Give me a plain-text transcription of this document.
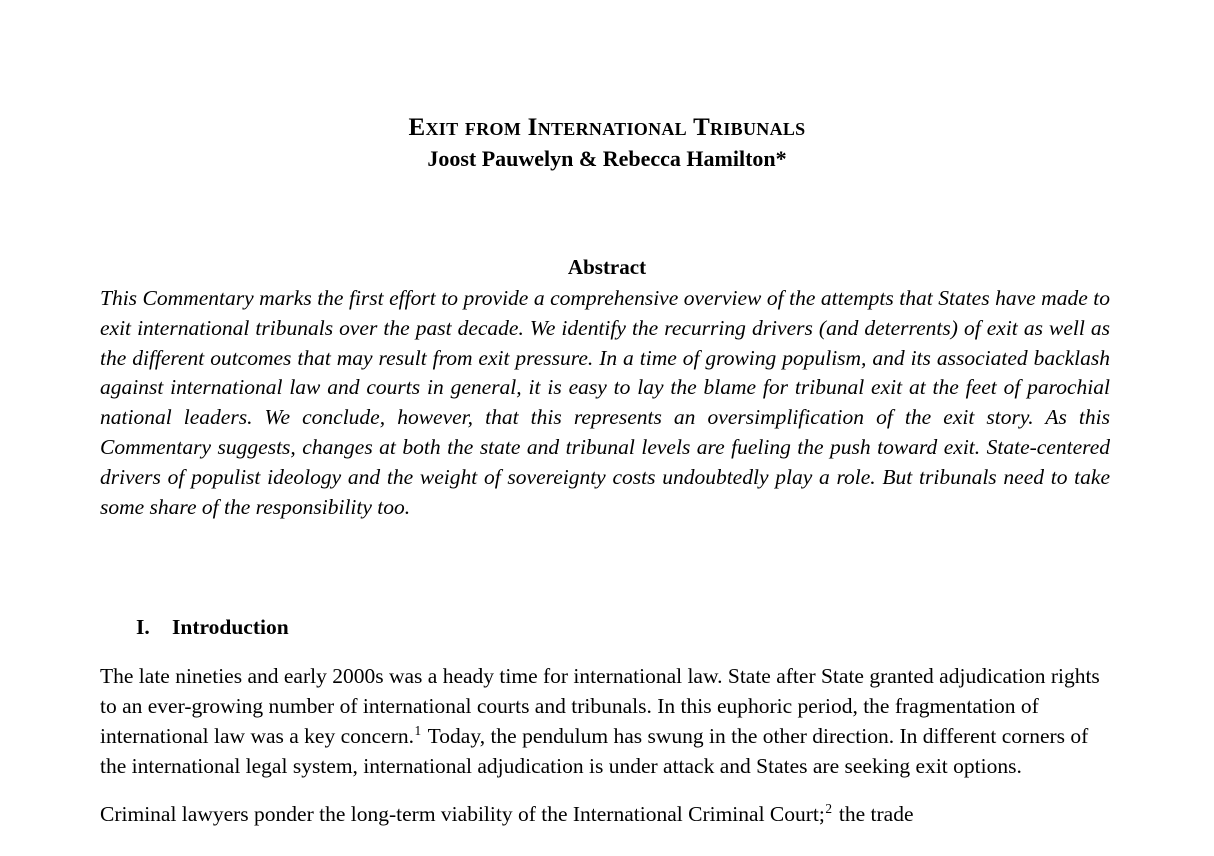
Exit from International Tribunals
Joost Pauwelyn & Rebecca Hamilton*
Abstract
This Commentary marks the first effort to provide a comprehensive overview of the attempts that States have made to exit international tribunals over the past decade. We identify the recurring drivers (and deterrents) of exit as well as the different outcomes that may result from exit pressure. In a time of growing populism, and its associated backlash against international law and courts in general, it is easy to lay the blame for tribunal exit at the feet of parochial national leaders. We conclude, however, that this represents an oversimplification of the exit story. As this Commentary suggests, changes at both the state and tribunal levels are fueling the push toward exit. State-centered drivers of populist ideology and the weight of sovereignty costs undoubtedly play a role. But tribunals need to take some share of the responsibility too.
I. Introduction

The late nineties and early 2000s was a heady time for international law. State after State granted adjudication rights to an ever-growing number of international courts and tribunals. In this euphoric period, the fragmentation of international law was a key concern.$^1$ Today, the pendulum has swung in the other direction. In different corners of the international legal system, international adjudication is under attack and States are seeking exit options.

Criminal lawyers ponder the long-term viability of the International Criminal Court;$^2$ the trade
